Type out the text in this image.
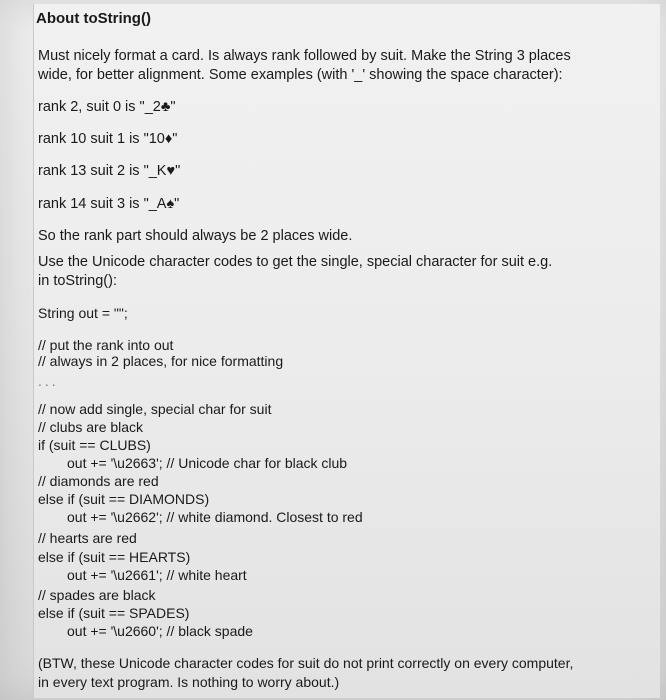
About toString()
Must nicely format a card. Is always rank followed by suit. Make the String 3 places
wide, for better alignment. Some examples (with '_' showing the space character):
rank 2, suit 0 is "_2♣"
rank 10 suit 1 is "10♦"
rank 13 suit 2 is "_K♥"
rank 14 suit 3 is "_A♠"
So the rank part should always be 2 places wide.
Use the Unicode character codes to get the single, special character for suit e.g.
in toString():
String out = "";
// put the rank into out
// always in 2 places, for nice formatting
...
// now add single, special char for suit
// clubs are black
if (suit == CLUBS)
out += '\u2663'; // Unicode char for black club
// diamonds are red
else if (suit == DIAMONDS)
out += '\u2662'; // white diamond. Closest to red
// hearts are red
else if (suit == HEARTS)
out += '\u2661'; // white heart
// spades are black
else if (suit == SPADES)
out += '\u2660'; // black spade
(BTW, these Unicode character codes for suit do not print correctly on every computer,
in every text program. Is nothing to worry about.)
